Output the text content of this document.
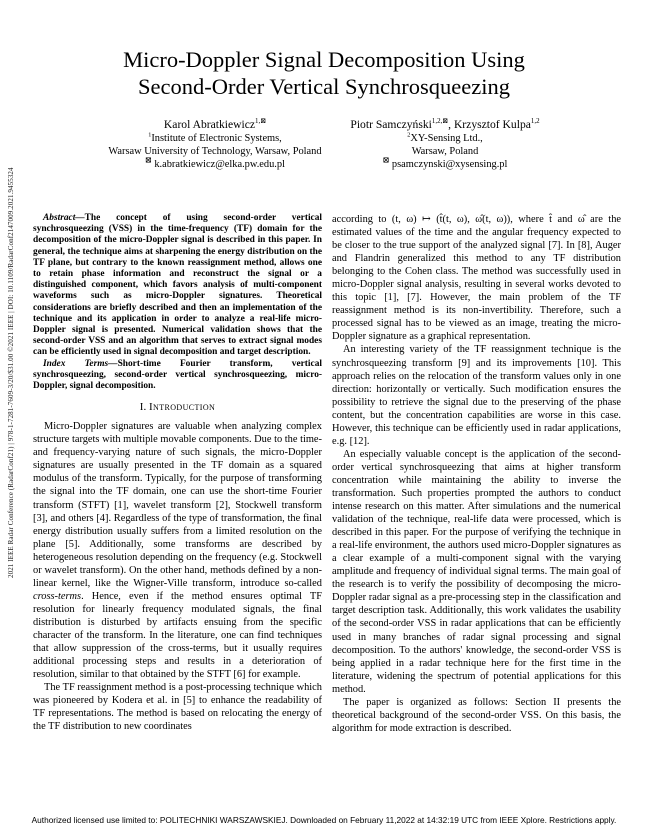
2021 IEEE Radar Conference (RadarConf21) | 978-1-7281-7609-3/20/$31.00 ©2021 IEEE | DOI: 10.1109/RadarConf2147009.2021.9455324
Micro-Doppler Signal Decomposition Using
Second-Order Vertical Synchrosqueezing
Karol Abratkiewicz$^{1,⊠}$
$^1$Institute of Electronic Systems,
Warsaw University of Technology, Warsaw, Poland
⊠ k.abratkiewicz@elka.pw.edu.pl
Piotr Samczyński$^{1,2,⊠}$, Krzysztof Kulpa$^{1,2}$
$^2$XY-Sensing Ltd.,
Warsaw, Poland
⊠ psamczynski@xysensing.pl

Abstract—The concept of using second-order vertical synchrosqueezing (VSS) in the time-frequency (TF) domain for the decomposition of the micro-Doppler signal is described in this paper. In general, the technique aims at sharpening the energy distribution on the TF plane, but contrary to the known reassignment method, allows one to retain phase information and reconstruct the signal or a distinguished component, which favors analysis of multi-component waveforms such as micro-Doppler signatures. Theoretical considerations are briefly described and then an implementation of the technique and its application in order to analyze a real-life micro-Doppler signal is presented. Numerical validation shows that the second-order VSS and an algorithm that serves to extract signal modes can be efficiently used in signal decomposition and target description.

Index Terms—Short-time Fourier transform, vertical synchrosqueezing, second-order vertical synchrosqueezing, micro-Doppler, signal decomposition.

I. Introduction

Micro-Doppler signatures are valuable when analyzing complex structure targets with multiple movable components. Due to the time- and frequency-varying nature of such signals, the micro-Doppler signatures are usually presented in the TF domain as a squared modulus of the transform. Typically, for the purpose of transforming the signal into the TF domain, one can use the short-time Fourier transform (STFT) [1], wavelet transform [2], Stockwell transform [3], and others [4]. Regardless of the type of transformation, the final energy distribution usually suffers from a limited resolution on the plane [5]. Additionally, some transforms are described by heterogeneous resolution depending on the frequency (e.g. Stockwell or wavelet transform). On the other hand, methods defined by a non-linear kernel, like the Wigner-Ville transform, introduce so-called cross-terms. Hence, even if the method ensures optimal TF resolution for linearly frequency modulated signals, the final distribution is disturbed by artifacts ensuing from the specific character of the transform. In the literature, one can find techniques that allow suppression of the cross-terms, but it usually requires additional processing steps and results in a deterioration of resolution, similar to that obtained by the STFT [6] for example.

The TF reassignment method is a post-processing technique which was pioneered by Kodera et al. in [5] to enhance the readability of TF representations. The method is based on relocating the energy of the TF distribution to new coordinates

according to (t, ω) ↦ (t̂(t, ω), ω̂(t, ω)), where t̂ and ω̂ are the estimated values of the time and the angular frequency expected to be closer to the true support of the analyzed signal [7]. In [8], Auger and Flandrin generalized this method to any TF distribution belonging to the Cohen class. The method was successfully used in micro-Doppler signal analysis, resulting in several works devoted to this topic [1], [7]. However, the main problem of the TF reassignment method is its non-invertibility. Therefore, such a processed signal has to be viewed as an image, treating the micro-Doppler signature as a graphical representation.

An interesting variety of the TF reassignment technique is the synchrosqueezing transform [9] and its improvements [10]. This approach relies on the relocation of the transform values only in one direction: horizontally or vertically. Such modification ensures the possibility to retrieve the signal due to the preserving of the phase content, but the concentration capabilities are worse in this case. However, this technique can be efficiently used in radar applications, e.g. [12].

An especially valuable concept is the application of the second-order vertical synchrosqueezing that aims at higher transform concentration while maintaining the ability to inverse the transformation. Such properties prompted the authors to conduct intense research on this matter. After simulations and the numerical validation of the technique, real-life data were processed, which is described in this paper. For the purpose of verifying the technique in a real-life environment, the authors used micro-Doppler signatures as a clear example of a multi-component signal with the varying amplitude and frequency of individual signal terms. The main goal of the research is to verify the possibility of decomposing the micro-Doppler radar signal as a pre-processing step in the classification and target description task. Additionally, this work validates the usability of the second-order VSS in radar applications that can be efficiently used in many branches of radar signal processing and signal decomposition. To the authors' knowledge, the second-order VSS is being applied in a radar technique here for the first time in the literature, widening the spectrum of potential applications for this method.

The paper is organized as follows: Section II presents the theoretical background of the second-order VSS. On this basis, the algorithm for mode extraction is described.

Authorized licensed use limited to: POLITECHNIKI WARSZAWSKIEJ. Downloaded on February 11,2022 at 14:32:19 UTC from IEEE Xplore. Restrictions apply.
